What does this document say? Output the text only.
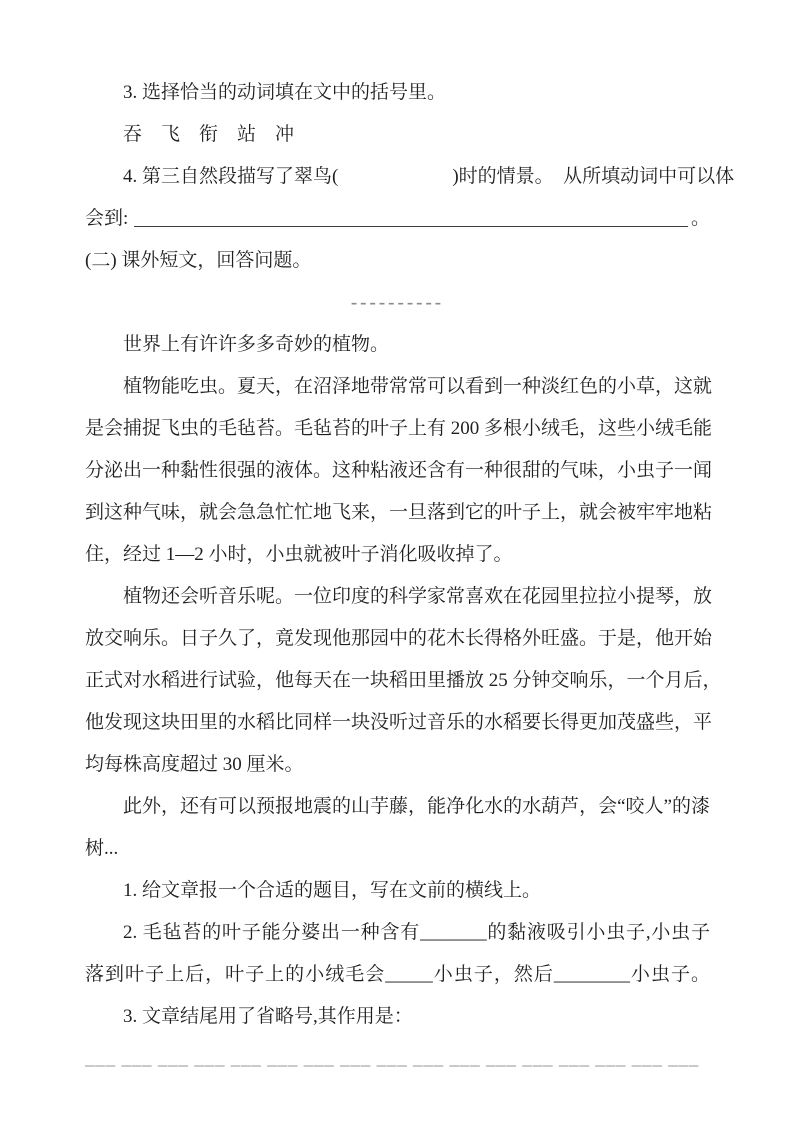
3. 选择恰当的动词填在文中的括号里。
吞　飞　衔　站　冲
4. 第三自然段描写了翠鸟(　　　　　　)时的情景。　从所填动词中可以体
会到:	。
(二) 课外短文，回答问题。
----------
世界上有许许多多奇妙的植物。
植物能吃虫。夏天，在沼泽地带常常可以看到一种淡红色的小草，这就
是会捕捉飞虫的毛毡苔。毛毡苔的叶子上有 200 多根小绒毛，这些小绒毛能
分泌出一种黏性很强的液体。这种粘液还含有一种很甜的气味，小虫子一闻
到这种气味，就会急急忙忙地飞来，一旦落到它的叶子上，就会被牢牢地粘
住，经过 1—2 小时，小虫就被叶子消化吸收掉了。
植物还会听音乐呢。一位印度的科学家常喜欢在花园里拉拉小提琴，放
放交响乐。日子久了，竟发现他那园中的花木长得格外旺盛。于是，他开始
正式对水稻进行试验，他每天在一块稻田里播放 25 分钟交响乐，一个月后，
他发现这块田里的水稻比同样一块没听过音乐的水稻要长得更加茂盛些，平
均每株高度超过 30 厘米。
此外，还有可以预报地震的山芋藤，能净化水的水葫芦，会“咬人”的漆
树...
1. 给文章报一个合适的题目，写在文前的横线上。
2. 毛毡苔的叶子能分婆出一种含有_______的黏液吸引小虫子,小虫子
落到叶子上后，叶子上的小绒毛会_____小虫子，然后________小虫子。
3. 文章结尾用了省略号,其作用是：
___ ___ ___ ___ ___ ___ ___ ___ ___ ___ ___ ___ ___ ___ ___ ___ ___
